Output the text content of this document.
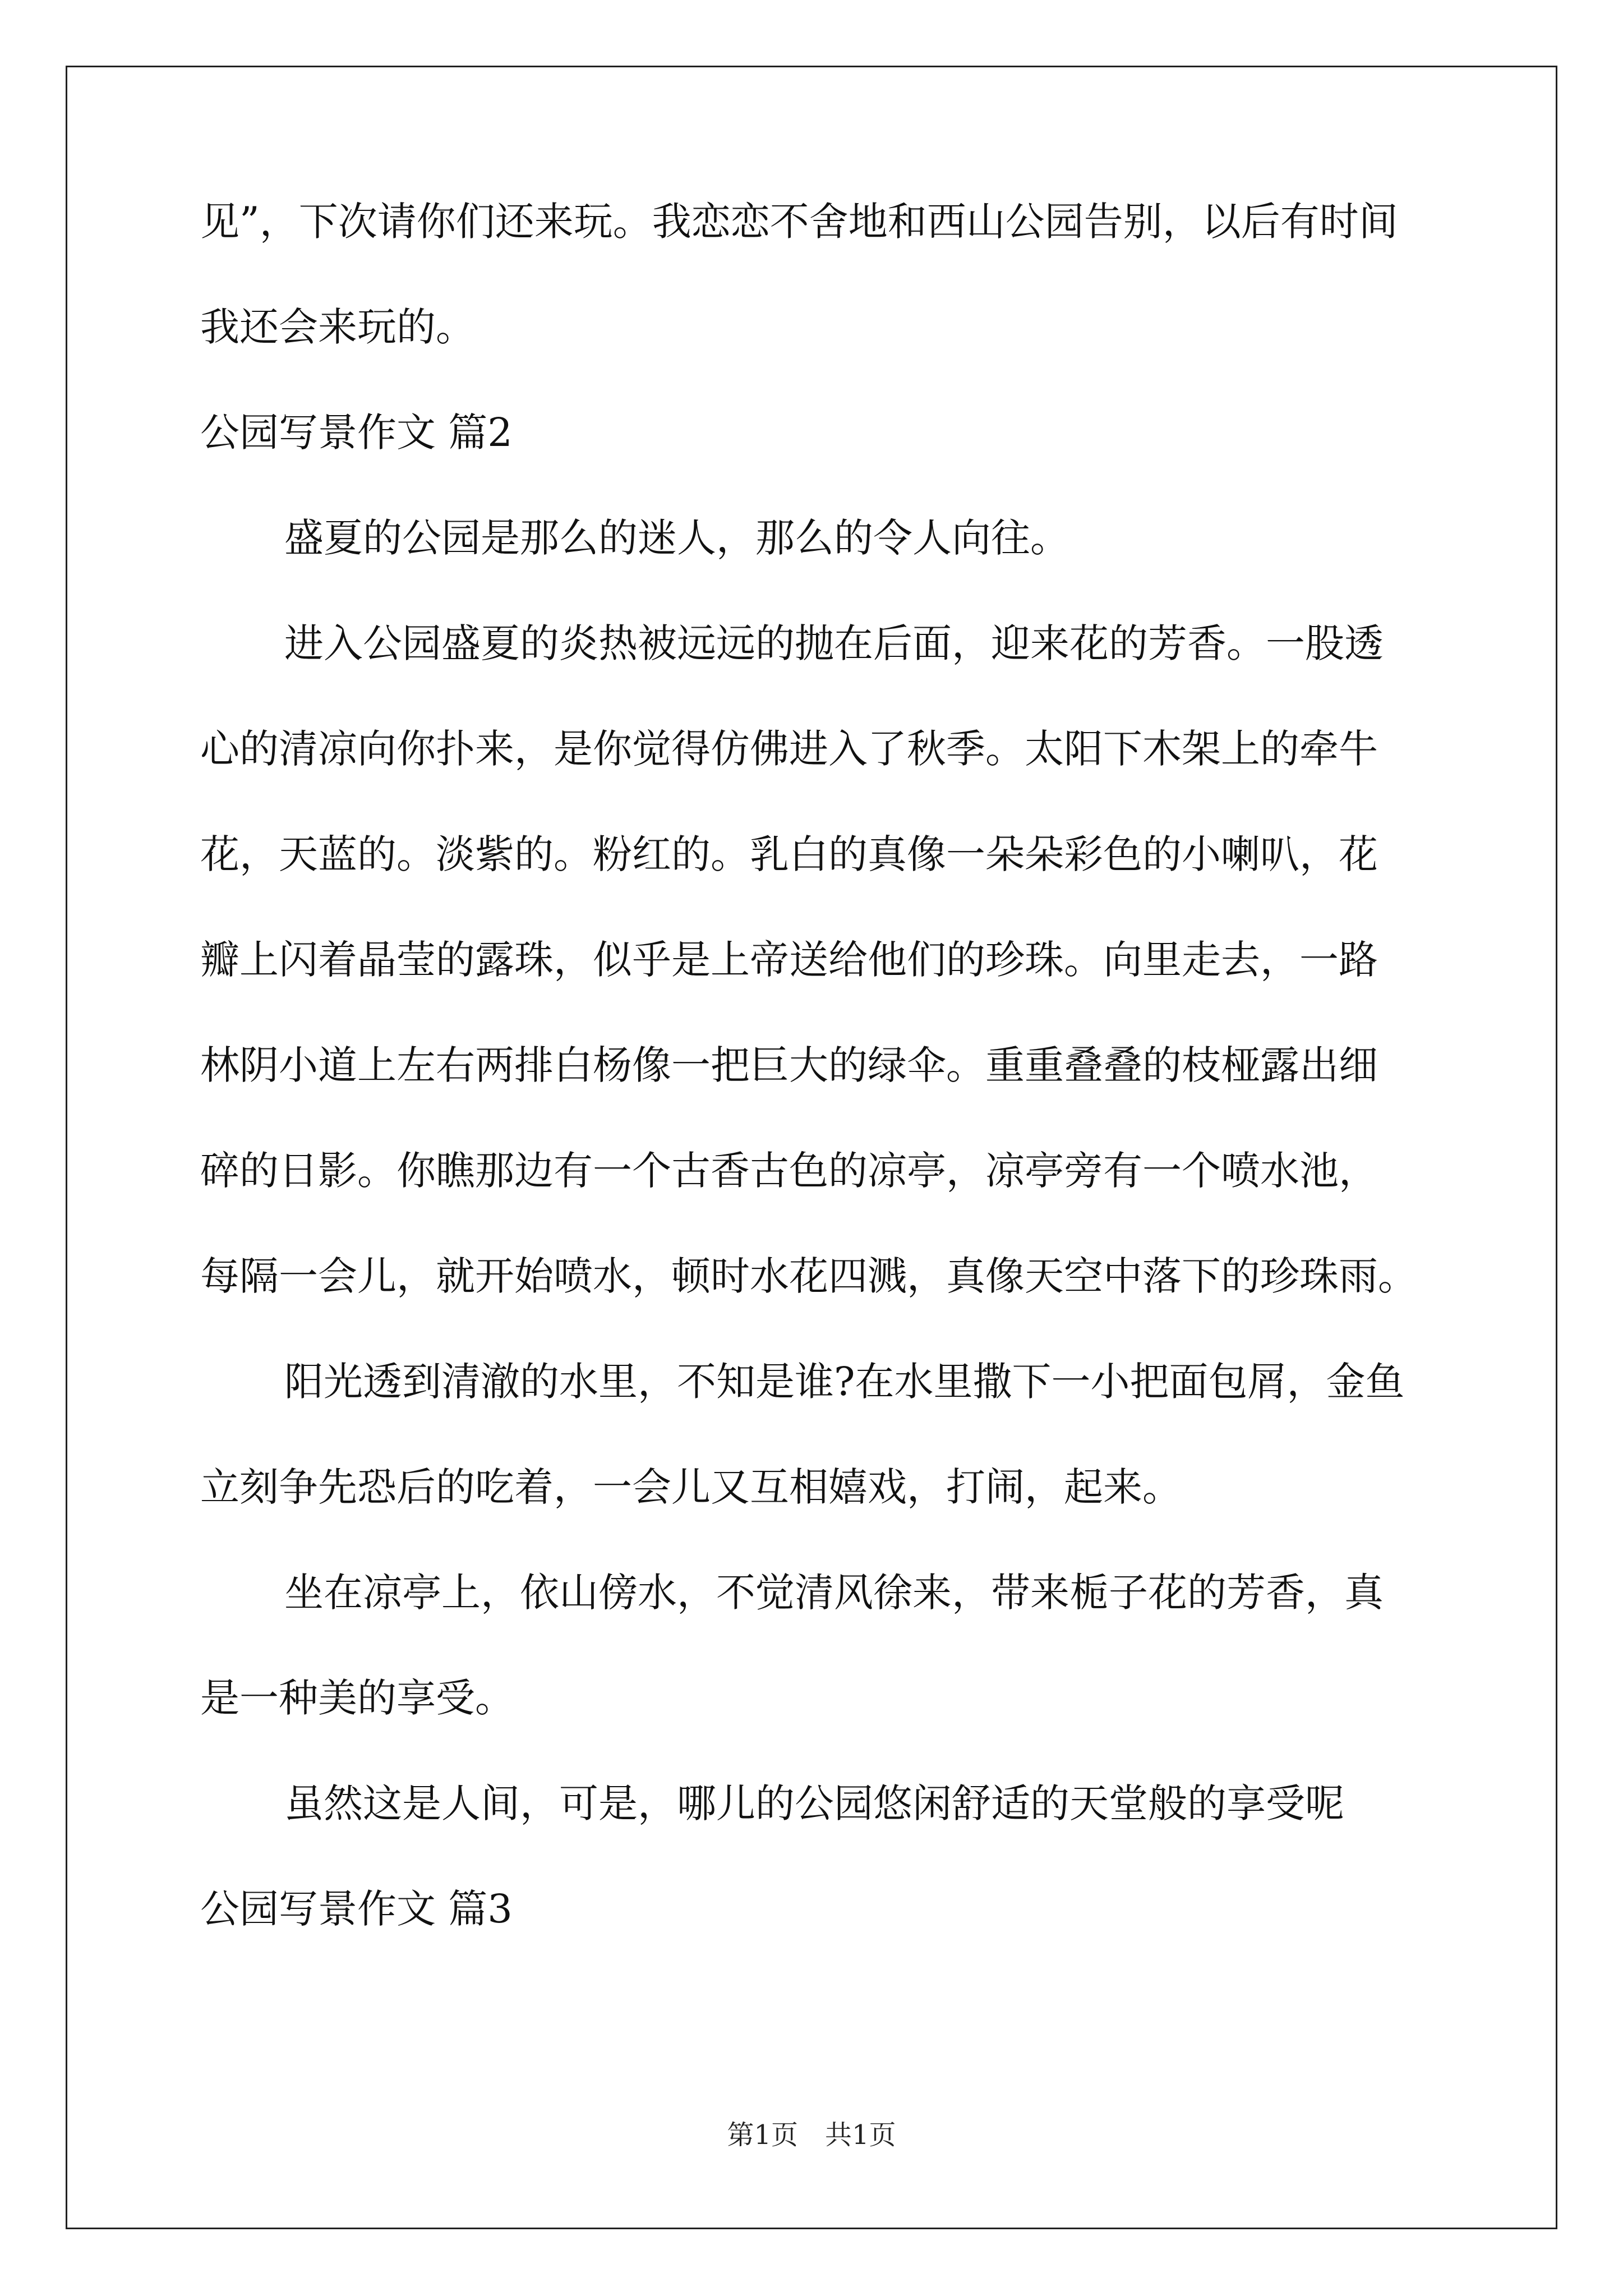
见”，下次请你们还来玩。我恋恋不舍地和西山公园告别，以后有时间

我还会来玩的。

公园写景作文 篇2

盛夏的公园是那么的迷人，那么的令人向往。

进入公园盛夏的炎热被远远的抛在后面，迎来花的芳香。一股透

心的清凉向你扑来，是你觉得仿佛进入了秋季。太阳下木架上的牵牛

花，天蓝的。淡紫的。粉红的。乳白的真像一朵朵彩色的小喇叭，花

瓣上闪着晶莹的露珠，似乎是上帝送给他们的珍珠。向里走去，一路

林阴小道上左右两排白杨像一把巨大的绿伞。重重叠叠的枝桠露出细

碎的日影。你瞧那边有一个古香古色的凉亭，凉亭旁有一个喷水池，

每隔一会儿，就开始喷水，顿时水花四溅，真像天空中落下的珍珠雨。

阳光透到清澈的水里，不知是谁?在水里撒下一小把面包屑，金鱼

立刻争先恐后的吃着，一会儿又互相嬉戏，打闹，起来。

坐在凉亭上，依山傍水，不觉清风徐来，带来栀子花的芳香，真

是一种美的享受。

虽然这是人间，可是，哪儿的公园悠闲舒适的天堂般的享受呢

公园写景作文 篇3

第1页　共1页
